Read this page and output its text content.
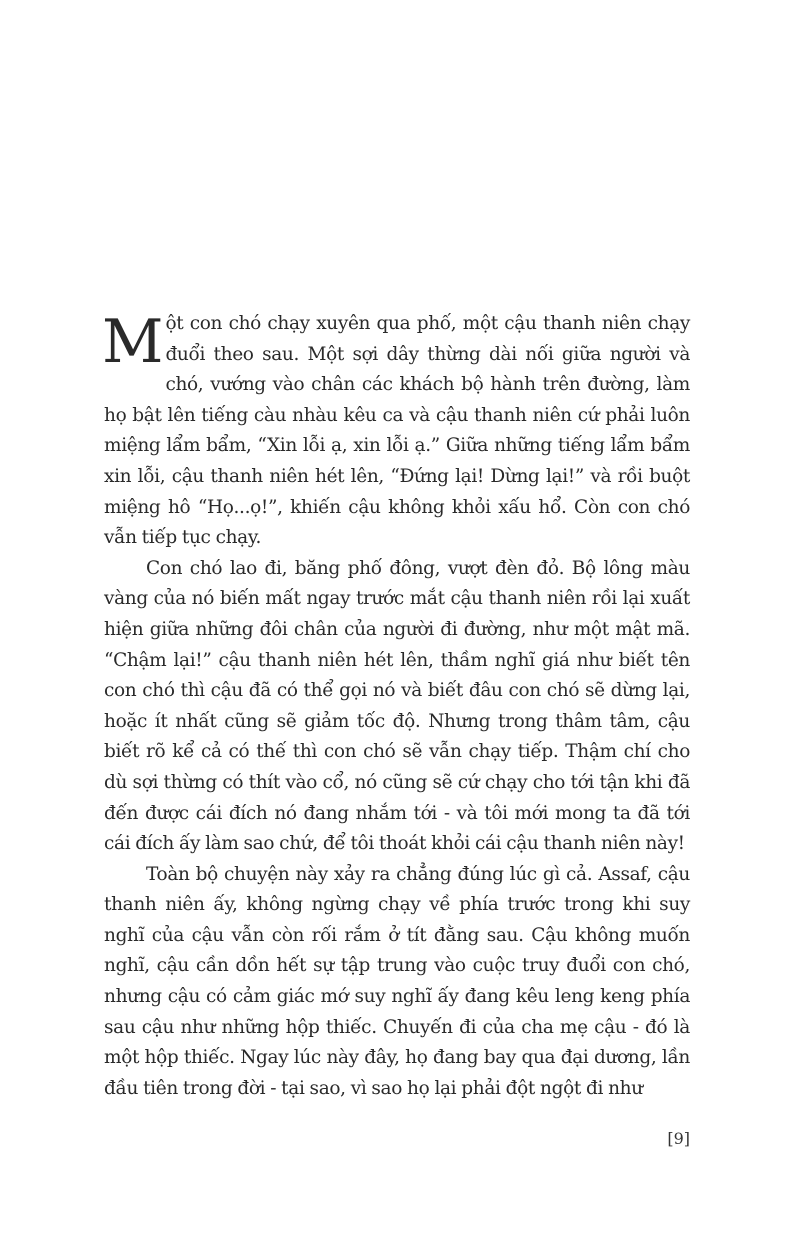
Một con chó chạy xuyên qua phố, một cậu thanh niên chạy đuổi theo sau. Một sợi dây thừng dài nối giữa người và chó, vướng vào chân các khách bộ hành trên đường, làm họ bật lên tiếng càu nhàu kêu ca và cậu thanh niên cứ phải luôn miệng lẩm bẩm, “Xin lỗi ạ, xin lỗi ạ.” Giữa những tiếng lẩm bẩm xin lỗi, cậu thanh niên hét lên, “Đứng lại! Dừng lại!” và rồi buột miệng hô “Họ...ọ!”, khiến cậu không khỏi xấu hổ. Còn con chó vẫn tiếp tục chạy.

Con chó lao đi, băng phố đông, vượt đèn đỏ. Bộ lông màu vàng của nó biến mất ngay trước mắt cậu thanh niên rồi lại xuất hiện giữa những đôi chân của người đi đường, như một mật mã. “Chậm lại!” cậu thanh niên hét lên, thầm nghĩ giá như biết tên con chó thì cậu đã có thể gọi nó và biết đâu con chó sẽ dừng lại, hoặc ít nhất cũng sẽ giảm tốc độ. Nhưng trong thâm tâm, cậu biết rõ kể cả có thế thì con chó sẽ vẫn chạy tiếp. Thậm chí cho dù sợi thừng có thít vào cổ, nó cũng sẽ cứ chạy cho tới tận khi đã đến được cái đích nó đang nhắm tới - và tôi mới mong ta đã tới cái đích ấy làm sao chứ, để tôi thoát khỏi cái cậu thanh niên này!

Toàn bộ chuyện này xảy ra chẳng đúng lúc gì cả. Assaf, cậu thanh niên ấy, không ngừng chạy về phía trước trong khi suy nghĩ của cậu vẫn còn rối rắm ở tít đằng sau. Cậu không muốn nghĩ, cậu cần dồn hết sự tập trung vào cuộc truy đuổi con chó, nhưng cậu có cảm giác mớ suy nghĩ ấy đang kêu leng keng phía sau cậu như những hộp thiếc. Chuyến đi của cha mẹ cậu - đó là một hộp thiếc. Ngay lúc này đây, họ đang bay qua đại dương, lần đầu tiên trong đời - tại sao, vì sao họ lại phải đột ngột đi như

[9]
